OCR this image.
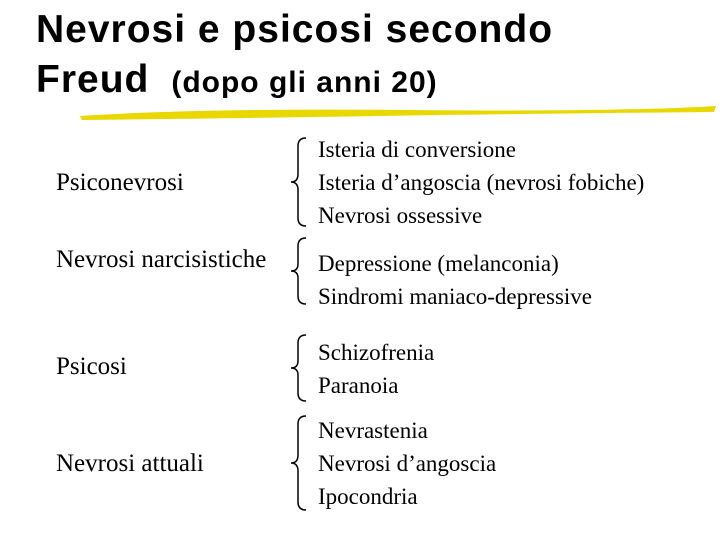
Nevrosi e psicosi secondo
Freud (dopo gli anni 20)
Psiconevrosi
Isteria di conversione
Isteria d’angoscia (nevrosi fobiche)
Nevrosi ossessive
Nevrosi narcisistiche	Depressione (melanconia)
Sindromi maniaco-depressive
Psicosi
Schizofrenia
Paranoia
Nevrosi attuali
Nevrastenia
Nevrosi d’angoscia
Ipocondria
